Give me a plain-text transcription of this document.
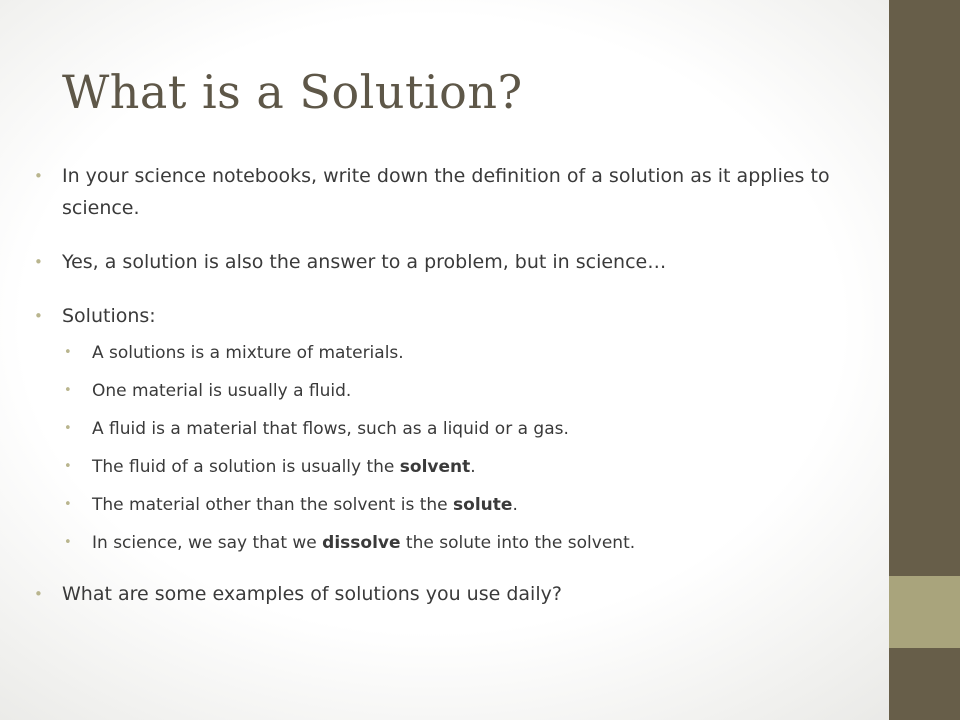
What is a Solution?
• In your science notebooks, write down the definition of a solution as it applies to science.
• Yes, a solution is also the answer to a problem, but in science…
• Solutions:
• A solutions is a mixture of materials.
• One material is usually a fluid.
• A fluid is a material that flows, such as a liquid or a gas.
• The fluid of a solution is usually the solvent.
• The material other than the solvent is the solute.
• In science, we say that we dissolve the solute into the solvent.
• What are some examples of solutions you use daily?
